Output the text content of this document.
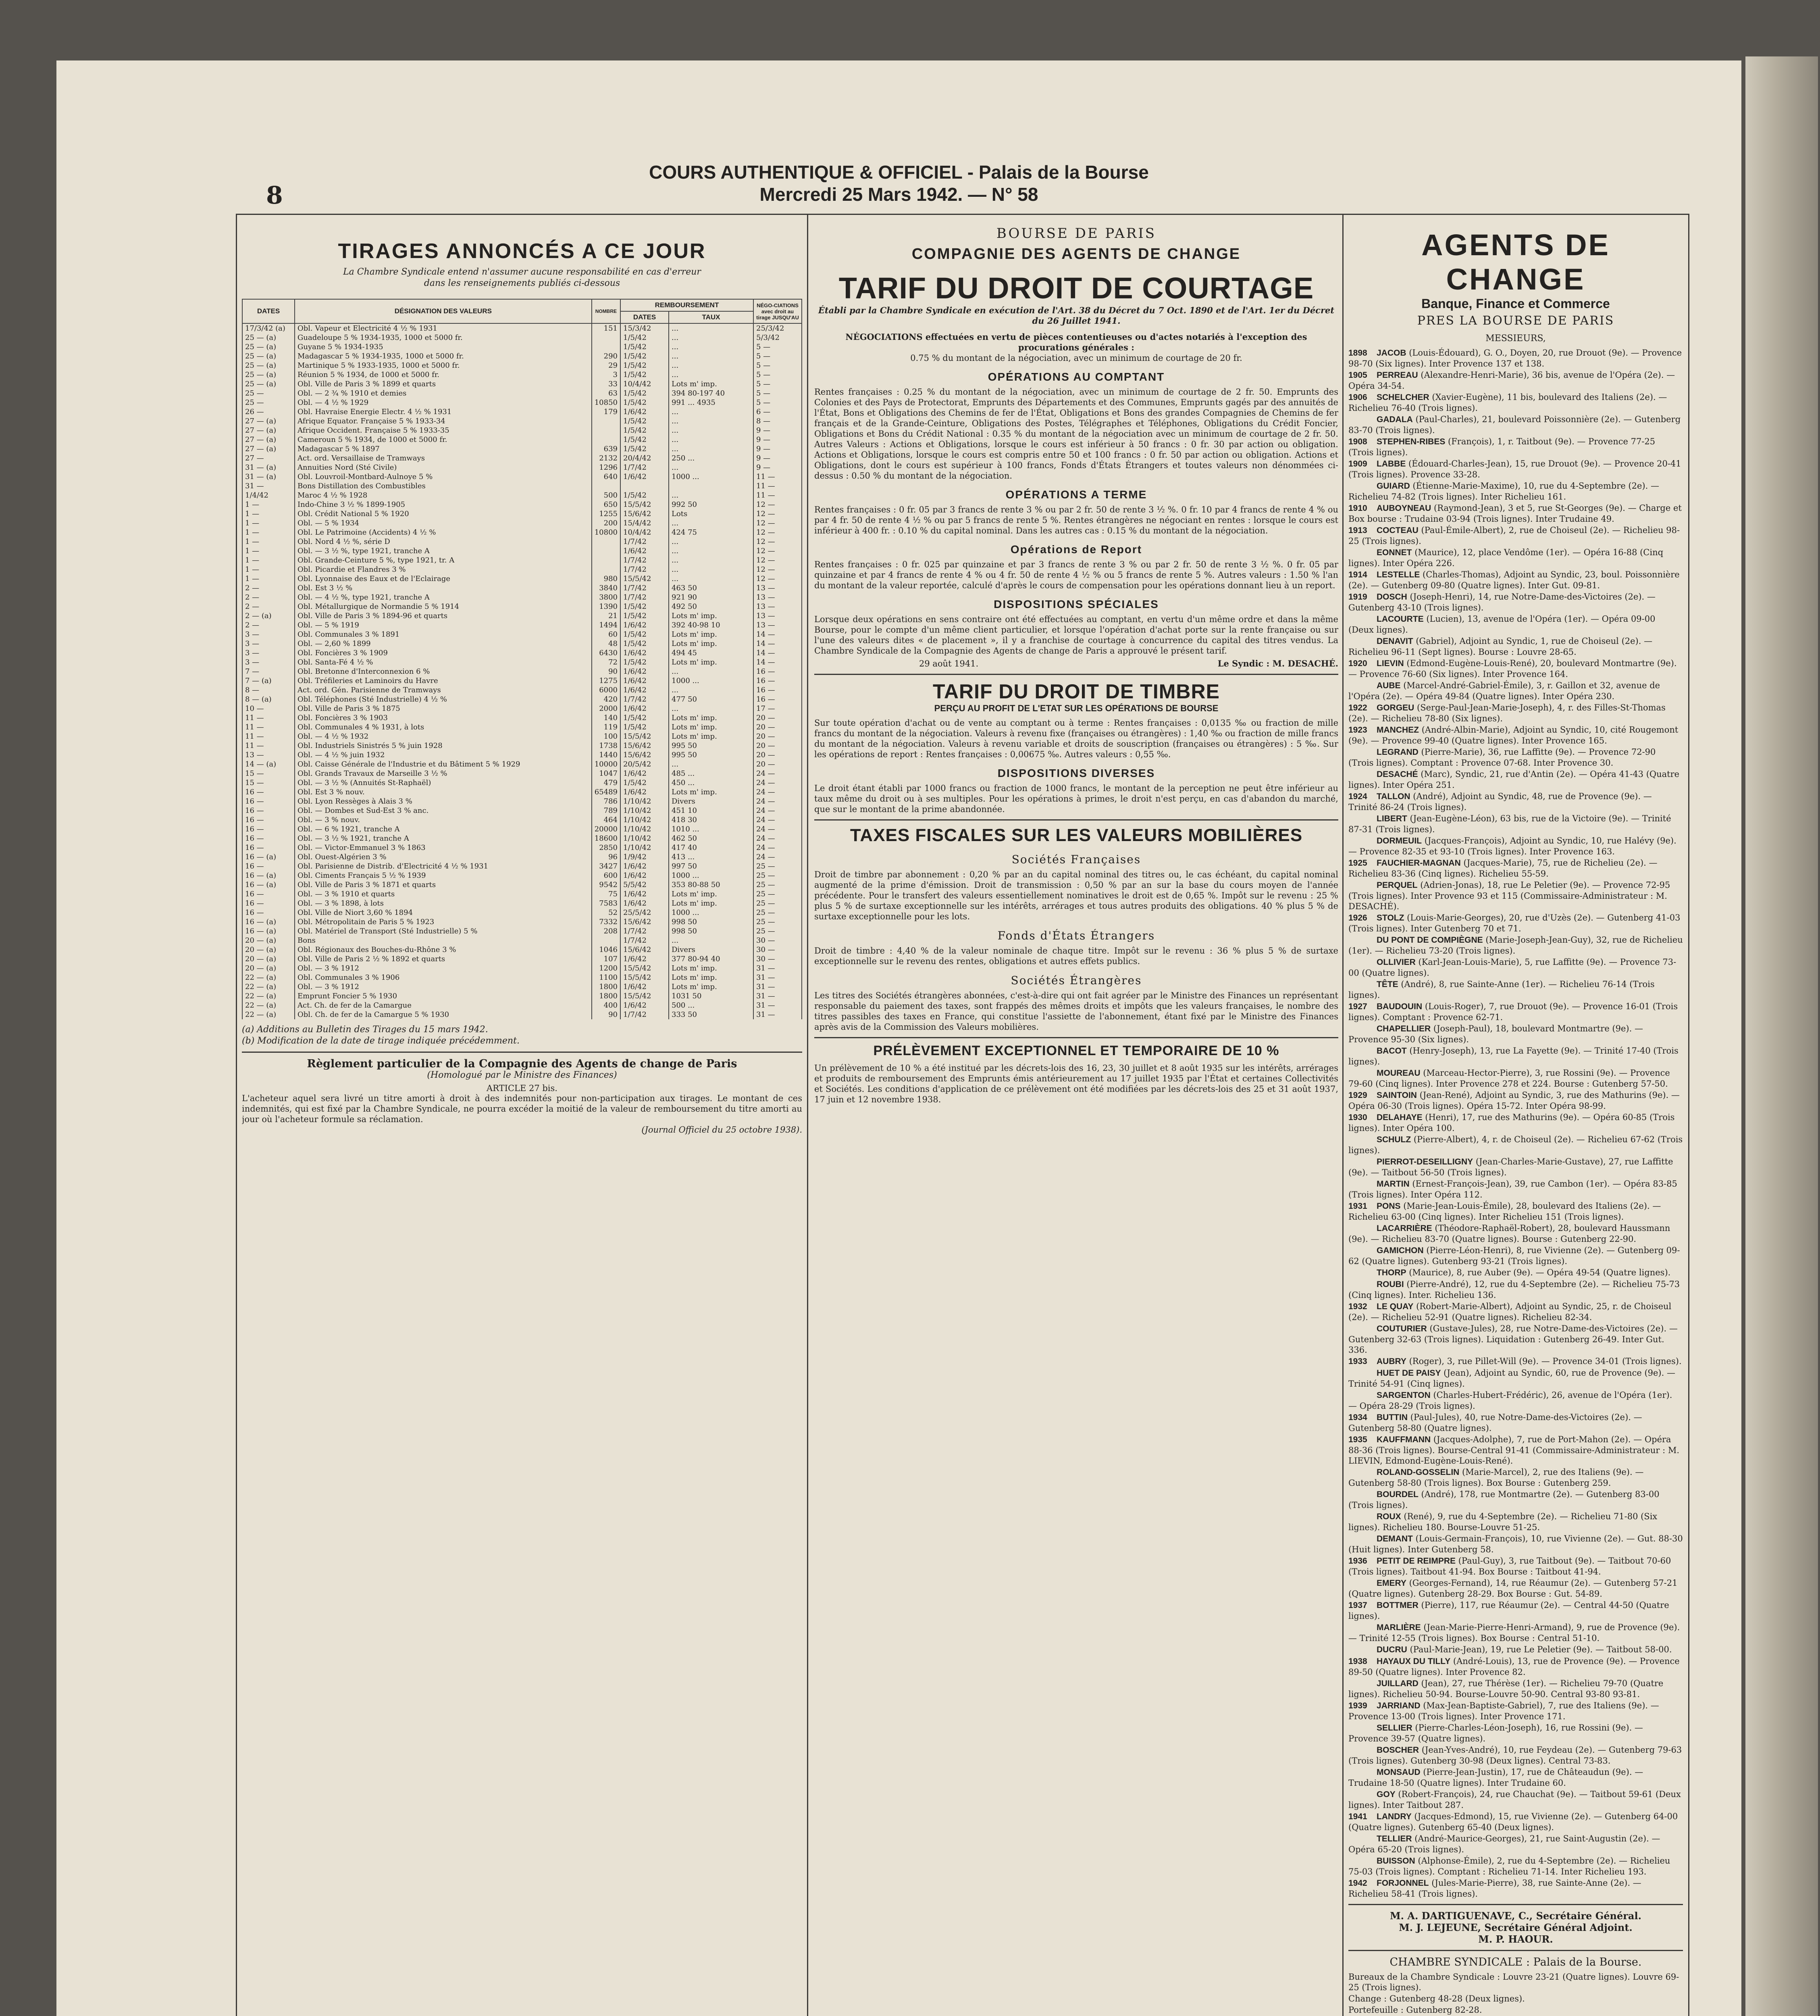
8
COURS AUTHENTIQUE & OFFICIEL - Palais de la Bourse
Mercredi 25 Mars 1942. — N° 58
TIRAGES ANNONCÉS A CE JOUR
La Chambre Syndicale entend n'assumer aucune responsabilité en cas d'erreur
dans les renseignements publiés ci-dessous
DATES	DÉSIGNATION DES VALEURS	NOMBRE	REMBOURSEMENT		NÉGO-CIATIONS avec droit au tirage JUSQU'AU
			DATES	TAUX	
17/3/42 (a)	Obl. Vapeur et Electricité 4 ½ % 1931	151	15/3/42	...	25/3/42
25 — (a)	Guadeloupe 5 % 1934-1935, 1000 et 5000 fr.		1/5/42	...	5/3/42
25 — (a)	Guyane 5 % 1934-1935		1/5/42	...	5 —
25 — (a)	Madagascar 5 % 1934-1935, 1000 et 5000 fr.	290	1/5/42	...	5 —
25 — (a)	Martinique 5 % 1933-1935, 1000 et 5000 fr.	29	1/5/42	...	5 —
25 — (a)	Réunion 5 % 1934, de 1000 et 5000 fr.	3	1/5/42	...	5 —
25 — (a)	Obl. Ville de Paris 3 % 1899 et quarts	33	10/4/42	Lots m' imp.	5 —
25 —	Obl. — 2 ¾ % 1910 et demies	63	1/5/42	394 80-197 40	5 —
25 —	Obl. — 4 ½ % 1929	10850	1/5/42	991 ... 4935	5 —
26 —	Obl. Havraise Energie Electr. 4 ½ % 1931	179	1/6/42	...	6 —
27 — (a)	Afrique Equator. Française 5 % 1933-34		1/5/42	...	8 —
27 — (a)	Afrique Occident. Française 5 % 1933-35		1/5/42	...	9 —
27 — (a)	Cameroun 5 % 1934, de 1000 et 5000 fr.		1/5/42	...	9 —
27 — (a)	Madagascar 5 % 1897	639	1/5/42	...	9 —
27 —	Act. ord. Versaillaise de Tramways	2132	20/4/42	250 ...	9 —
31 — (a)	Annuities Nord (Sté Civile)	1296	1/7/42	...	9 —
31 — (a)	Obl. Louvroil-Montbard-Aulnoye 5 %	640	1/6/42	1000 ...	11 —
31 —	Bons Distillation des Combustibles				11 —
1/4/42	Maroc 4 ½ % 1928	500	1/5/42	...	11 —
1 —	Indo-Chine 3 ½ % 1899-1905	650	15/5/42	992 50	12 —
1 —	Obl. Crédit National 5 % 1920	1255	15/6/42	Lots	12 —
1 —	Obl. — 5 % 1934	200	15/4/42	...	12 —
1 —	Obl. Le Patrimoine (Accidents) 4 ½ %	10800	10/4/42	424 75	12 —
1 —	Obl. Nord 4 ½ %, série D		1/7/42	...	12 —
1 —	Obl. — 3 ½ %, type 1921, tranche A		1/6/42	...	12 —
1 —	Obl. Grande-Ceinture 5 %, type 1921, tr. A		1/7/42	...	12 —
1 —	Obl. Picardie et Flandres 3 %		1/7/42	...	12 —
1 —	Obl. Lyonnaise des Eaux et de l'Eclairage	980	15/5/42	...	12 —
2 —	Obl. Est 3 ½ %	3840	1/7/42	463 50	13 —
2 —	Obl. — 4 ½ %, type 1921, tranche A	3800	1/7/42	921 90	13 —
2 —	Obl. Métallurgique de Normandie 5 % 1914	1390	1/5/42	492 50	13 —
2 — (a)	Obl. Ville de Paris 3 % 1894-96 et quarts	21	1/5/42	Lots m' imp.	13 —
2 —	Obl. — 5 % 1919	1494	1/6/42	392 40-98 10	13 —
3 —	Obl. Communales 3 % 1891	60	1/5/42	Lots m' imp.	14 —
3 —	Obl. — 2,60 % 1899	48	1/5/42	Lots m' imp.	14 —
3 —	Obl. Foncières 3 % 1909	6430	1/6/42	494 45	14 —
3 —	Obl. Santa-Fé 4 ½ %	72	1/5/42	Lots m' imp.	14 —
7 —	Obl. Bretonne d'Interconnexion 6 %	90	1/6/42	...	16 —
7 — (a)	Obl. Tréfileries et Laminoirs du Havre	1275	1/6/42	1000 ...	16 —
8 —	Act. ord. Gén. Parisienne de Tramways	6000	1/6/42	...	16 —
8 — (a)	Obl. Téléphones (Sté Industrielle) 4 ½ %	420	1/7/42	477 50	16 —
10 —	Obl. Ville de Paris 3 % 1875	2000	1/6/42	...	17 —
11 —	Obl. Foncières 3 % 1903	140	1/5/42	Lots m' imp.	20 —
11 —	Obl. Communales 4 % 1931, à lots	119	1/5/42	Lots m' imp.	20 —
11 —	Obl. — 4 ½ % 1932	100	15/5/42	Lots m' imp.	20 —
11 —	Obl. Industriels Sinistrés 5 % juin 1928	1738	15/6/42	995 50	20 —
13 —	Obl. — 4 ½ % juin 1932	1440	15/6/42	995 50	20 —
14 — (a)	Obl. Caisse Générale de l'Industrie et du Bâtiment 5 % 1929	10000	20/5/42	...	20 —
15 —	Obl. Grands Travaux de Marseille 3 ½ %	1047	1/6/42	485 ...	24 —
15 —	Obl. — 3 ½ % (Annuités St-Raphaël)	479	1/5/42	450 ...	24 —
16 —	Obl. Est 3 % nouv.	65489	1/6/42	Lots m' imp.	24 —
16 —	Obl. Lyon Ressèges à Alais 3 %	786	1/10/42	Divers	24 —
16 —	Obl. — Dombes et Sud-Est 3 % anc.	789	1/10/42	451 10	24 —
16 —	Obl. — 3 % nouv.	464	1/10/42	418 30	24 —
16 —	Obl. — 6 % 1921, tranche A	20000	1/10/42	1010 ...	24 —
16 —	Obl. — 3 ½ % 1921, tranche A	18600	1/10/42	462 50	24 —
16 —	Obl. — Victor-Emmanuel 3 % 1863	2850	1/10/42	417 40	24 —
16 — (a)	Obl. Ouest-Algérien 3 %	96	1/9/42	413 ...	24 —
16 —	Obl. Parisienne de Distrib. d'Electricité 4 ½ % 1931	3427	1/6/42	997 50	25 —
16 — (a)	Obl. Ciments Français 5 ½ % 1939	600	1/6/42	1000 ...	25 —
16 — (a)	Obl. Ville de Paris 3 % 1871 et quarts	9542	5/5/42	353 80-88 50	25 —
16 —	Obl. — 3 % 1910 et quarts	75	1/6/42	Lots m' imp.	25 —
16 —	Obl. — 3 % 1898, à lots	7583	1/6/42	Lots m' imp.	25 —
16 —	Obl. Ville de Niort 3,60 % 1894	52	25/5/42	1000 ...	25 —
16 — (a)	Obl. Métropolitain de Paris 5 % 1923	7332	15/6/42	998 50	25 —
16 — (a)	Obl. Matériel de Transport (Sté Industrielle) 5 %	208	1/7/42	998 50	25 —
20 — (a)	Bons		1/7/42	...	30 —
20 — (a)	Obl. Régionaux des Bouches-du-Rhône 3 %	1046	15/6/42	Divers	30 —
20 — (a)	Obl. Ville de Paris 2 ½ % 1892 et quarts	107	1/6/42	377 80-94 40	30 —
20 — (a)	Obl. — 3 % 1912	1200	15/5/42	Lots m' imp.	31 —
22 — (a)	Obl. Communales 3 % 1906	1100	15/5/42	Lots m' imp.	31 —
22 — (a)	Obl. — 3 % 1912	1800	1/6/42	Lots m' imp.	31 —
22 — (a)	Emprunt Foncier 5 % 1930	1800	15/5/42	1031 50	31 —
22 — (a)	Act. Ch. de fer de la Camargue	400	1/6/42	500 ...	31 —
22 — (a)	Obl. Ch. de fer de la Camargue 5 % 1930	90	1/7/42	333 50	31 —
(a) Additions au Bulletin des Tirages du 15 mars 1942.
(b) Modification de la date de tirage indiquée précédemment.
Règlement particulier de la Compagnie des Agents de change de Paris
(Homologué par le Ministre des Finances)
ARTICLE 27 bis.
L'acheteur aquel sera livré un titre amorti à droit à des indemnités pour non-participation aux tirages. Le montant de ces indemnités, qui est fixé par la Chambre Syndicale, ne pourra excéder la moitié de la valeur de remboursement du titre amorti au jour où l'acheteur formule sa réclamation.
(Journal Officiel du 25 octobre 1938).
BOURSE DE PARIS
COMPAGNIE DES AGENTS DE CHANGE
TARIF DU DROIT DE COURTAGE
Établi par la Chambre Syndicale en exécution de l'Art. 38 du Décret du 7 Oct. 1890 et de l'Art. 1er du Décret du 26 Juillet 1941.
NÉGOCIATIONS effectuées en vertu de pièces contentieuses ou d'actes notariés à l'exception des procurations générales :
0.75 % du montant de la négociation, avec un minimum de courtage de 20 fr.
OPÉRATIONS AU COMPTANT
Rentes françaises : 0.25 % du montant de la négociation, avec un minimum de courtage de 2 fr. 50. Emprunts des Colonies et des Pays de Protectorat, Emprunts des Départements et des Communes, Emprunts gagés par des annuités de l'État, Bons et Obligations des Chemins de fer de l'État, Obligations et Bons des grandes Compagnies de Chemins de fer français et de la Grande-Ceinture, Obligations des Postes, Télégraphes et Téléphones, Obligations du Crédit Foncier, Obligations et Bons du Crédit National : 0.35 % du montant de la négociation avec un minimum de courtage de 2 fr. 50. Autres Valeurs : Actions et Obligations, lorsque le cours est inférieur à 50 francs : 0 fr. 30 par action ou obligation. Actions et Obligations, lorsque le cours est compris entre 50 et 100 francs : 0 fr. 50 par action ou obligation. Actions et Obligations, dont le cours est supérieur à 100 francs, Fonds d'États Étrangers et toutes valeurs non dénommées ci-dessus : 0.50 % du montant de la négociation.
OPÉRATIONS A TERME
Rentes françaises : 0 fr. 05 par 3 francs de rente 3 % ou par 2 fr. 50 de rente 3 ½ %. 0 fr. 10 par 4 francs de rente 4 % ou par 4 fr. 50 de rente 4 ½ % ou par 5 francs de rente 5 %. Rentes étrangères ne négociant en rentes : lorsque le cours est inférieur à 400 fr. : 0.10 % du capital nominal. Dans les autres cas : 0.15 % du montant de la négociation.
Opérations de Report
Rentes françaises : 0 fr. 025 par quinzaine et par 3 francs de rente 3 % ou par 2 fr. 50 de rente 3 ½ %. 0 fr. 05 par quinzaine et par 4 francs de rente 4 % ou 4 fr. 50 de rente 4 ½ % ou 5 francs de rente 5 %. Autres valeurs : 1.50 % l'an du montant de la valeur reportée, calculé d'après le cours de compensation pour les opérations donnant lieu à un report.
DISPOSITIONS SPÉCIALES
Lorsque deux opérations en sens contraire ont été effectuées au comptant, en vertu d'un même ordre et dans la même Bourse, pour le compte d'un même client particulier, et lorsque l'opération d'achat porte sur la rente française ou sur l'une des valeurs dites « de placement », il y a franchise de courtage à concurrence du capital des titres vendus. La Chambre Syndicale de la Compagnie des Agents de change de Paris a approuvé le présent tarif.
29 août 1941.	Le Syndic : M. DESACHÉ.
TARIF DU DROIT DE TIMBRE
PERÇU AU PROFIT DE L'ETAT SUR LES OPÉRATIONS DE BOURSE
Sur toute opération d'achat ou de vente au comptant ou à terme : Rentes françaises : 0,0135 ‰ ou fraction de mille francs du montant de la négociation. Valeurs à revenu fixe (françaises ou étrangères) : 1,40 ‰ ou fraction de mille francs du montant de la négociation. Valeurs à revenu variable et droits de souscription (françaises ou étrangères) : 5 ‰. Sur les opérations de report : Rentes françaises : 0,00675 ‰. Autres valeurs : 0,55 ‰.
DISPOSITIONS DIVERSES
Le droit étant établi par 1000 francs ou fraction de 1000 francs, le montant de la perception ne peut être inférieur au taux même du droit ou à ses multiples. Pour les opérations à primes, le droit n'est perçu, en cas d'abandon du marché, que sur le montant de la prime abandonnée.
TAXES FISCALES SUR LES VALEURS MOBILIÈRES
Sociétés Françaises
Droit de timbre par abonnement : 0,20 % par an du capital nominal des titres ou, le cas échéant, du capital nominal augmenté de la prime d'émission. Droit de transmission : 0,50 % par an sur la base du cours moyen de l'année précédente. Pour le transfert des valeurs essentiellement nominatives le droit est de 0,65 %. Impôt sur le revenu : 25 % plus 5 % de surtaxe exceptionnelle sur les intérêts, arrérages et tous autres produits des obligations. 40 % plus 5 % de surtaxe exceptionnelle pour les lots.
Fonds d'États Étrangers
Droit de timbre : 4,40 % de la valeur nominale de chaque titre. Impôt sur le revenu : 36 % plus 5 % de surtaxe exceptionnelle sur le revenu des rentes, obligations et autres effets publics.
Sociétés Étrangères
Les titres des Sociétés étrangères abonnées, c'est-à-dire qui ont fait agréer par le Ministre des Finances un représentant responsable du paiement des taxes, sont frappés des mêmes droits et impôts que les valeurs françaises, le nombre des titres passibles des taxes en France, qui constitue l'assiette de l'abonnement, étant fixé par le Ministre des Finances après avis de la Commission des Valeurs mobilières.
PRÉLÈVEMENT EXCEPTIONNEL ET TEMPORAIRE DE 10 %
Un prélèvement de 10 % a été institué par les décrets-lois des 16, 23, 30 juillet et 8 août 1935 sur les intérêts, arrérages et produits de remboursement des Emprunts émis antérieurement au 17 juillet 1935 par l'État et certaines Collectivités et Sociétés. Les conditions d'application de ce prélèvement ont été modifiées par les décrets-lois des 25 et 31 août 1937, 17 juin et 12 novembre 1938.
AGENTS DE CHANGE
Banque, Finance et Commerce
PRES LA BOURSE DE PARIS
MESSIEURS,
1898 JACOB (Louis-Édouard), G. O., Doyen, 20, rue Drouot (9e). — Provence 98-70 (Six lignes). Inter Provence 137 et 138.
1905 PERREAU (Alexandre-Henri-Marie), 36 bis, avenue de l'Opéra (2e). — Opéra 34-54.
1906 SCHELCHER (Xavier-Eugène), 11 bis, boulevard des Italiens (2e). — Richelieu 76-40 (Trois lignes).
GADALA (Paul-Charles), 21, boulevard Poissonnière (2e). — Gutenberg 83-70 (Trois lignes).
1908 STEPHEN-RIBES (François), 1, r. Taitbout (9e). — Provence 77-25 (Trois lignes).
1909 LABBE (Édouard-Charles-Jean), 15, rue Drouot (9e). — Provence 20-41 (Trois lignes). Provence 33-28.
GUIARD (Étienne-Marie-Maxime), 10, rue du 4-Septembre (2e). — Richelieu 74-82 (Trois lignes). Inter Richelieu 161.
1910 AUBOYNEAU (Raymond-Jean), 3 et 5, rue St-Georges (9e). — Charge et Box bourse : Trudaine 03-94 (Trois lignes). Inter Trudaine 49.
1913 COCTEAU (Paul-Émile-Albert), 2, rue de Choiseul (2e). — Richelieu 98-25 (Trois lignes).
EONNET (Maurice), 12, place Vendôme (1er). — Opéra 16-88 (Cinq lignes). Inter Opéra 226.
1914 LESTELLE (Charles-Thomas), Adjoint au Syndic, 23, boul. Poissonnière (2e). — Gutenberg 09-80 (Quatre lignes). Inter Gut. 09-81.
1919 DOSCH (Joseph-Henri), 14, rue Notre-Dame-des-Victoires (2e). — Gutenberg 43-10 (Trois lignes).
LACOURTE (Lucien), 13, avenue de l'Opéra (1er). — Opéra 09-00 (Deux lignes).
DENAVIT (Gabriel), Adjoint au Syndic, 1, rue de Choiseul (2e). — Richelieu 96-11 (Sept lignes). Bourse : Louvre 28-65.
1920 LIEVIN (Edmond-Eugène-Louis-René), 20, boulevard Montmartre (9e). — Provence 76-60 (Six lignes). Inter Provence 164.
AUBE (Marcel-André-Gabriel-Émile), 3, r. Gaillon et 32, avenue de l'Opéra (2e). — Opéra 49-84 (Quatre lignes). Inter Opéra 230.
1922 GORGEU (Serge-Paul-Jean-Marie-Joseph), 4, r. des Filles-St-Thomas (2e). — Richelieu 78-80 (Six lignes).
1923 MANCHEZ (André-Albin-Marie), Adjoint au Syndic, 10, cité Rougemont (9e). — Provence 99-40 (Quatre lignes). Inter Provence 165.
LEGRAND (Pierre-Marie), 36, rue Laffitte (9e). — Provence 72-90 (Trois lignes). Comptant : Provence 07-68. Inter Provence 30.
DESACHÉ (Marc), Syndic, 21, rue d'Antin (2e). — Opéra 41-43 (Quatre lignes). Inter Opéra 251.
1924 TALLON (André), Adjoint au Syndic, 48, rue de Provence (9e). — Trinité 86-24 (Trois lignes).
LIBERT (Jean-Eugène-Léon), 63 bis, rue de la Victoire (9e). — Trinité 87-31 (Trois lignes).
DORMEUIL (Jacques-François), Adjoint au Syndic, 10, rue Halévy (9e). — Provence 82-35 et 93-10 (Trois lignes). Inter Provence 163.
1925 FAUCHIER-MAGNAN (Jacques-Marie), 75, rue de Richelieu (2e). — Richelieu 83-36 (Cinq lignes). Richelieu 55-59.
PERQUEL (Adrien-Jonas), 18, rue Le Peletier (9e). — Provence 72-95 (Trois lignes). Inter Provence 93 et 115 (Commissaire-Administrateur : M. DESACHÉ).
1926 STOLZ (Louis-Marie-Georges), 20, rue d'Uzès (2e). — Gutenberg 41-03 (Trois lignes). Inter Gutenberg 70 et 71.
DU PONT DE COMPIÈGNE (Marie-Joseph-Jean-Guy), 32, rue de Richelieu (1er). — Richelieu 73-20 (Trois lignes).
OLLIVIER (Karl-Jean-Louis-Marie), 5, rue Laffitte (9e). — Provence 73-00 (Quatre lignes).
TÊTE (André), 8, rue Sainte-Anne (1er). — Richelieu 76-14 (Trois lignes).
1927 BAUDOUIN (Louis-Roger), 7, rue Drouot (9e). — Provence 16-01 (Trois lignes). Comptant : Provence 62-71.
CHAPELLIER (Joseph-Paul), 18, boulevard Montmartre (9e). — Provence 95-30 (Six lignes).
BACOT (Henry-Joseph), 13, rue La Fayette (9e). — Trinité 17-40 (Trois lignes).
MOUREAU (Marceau-Hector-Pierre), 3, rue Rossini (9e). — Provence 79-60 (Cinq lignes). Inter Provence 278 et 224. Bourse : Gutenberg 57-50.
1929 SAINTOIN (Jean-René), Adjoint au Syndic, 3, rue des Mathurins (9e). — Opéra 06-30 (Trois lignes). Opéra 15-72. Inter Opéra 98-99.
1930 DELAHAYE (Henri), 17, rue des Mathurins (9e). — Opéra 60-85 (Trois lignes). Inter Opéra 100.
SCHULZ (Pierre-Albert), 4, r. de Choiseul (2e). — Richelieu 67-62 (Trois lignes).
PIERROT-DESEILLIGNY (Jean-Charles-Marie-Gustave), 27, rue Laffitte (9e). — Taitbout 56-50 (Trois lignes).
MARTIN (Ernest-François-Jean), 39, rue Cambon (1er). — Opéra 83-85 (Trois lignes). Inter Opéra 112.
1931 PONS (Marie-Jean-Louis-Émile), 28, boulevard des Italiens (2e). — Richelieu 63-00 (Cinq lignes). Inter Richelieu 151 (Trois lignes).
LACARRIÈRE (Théodore-Raphaël-Robert), 28, boulevard Haussmann (9e). — Richelieu 83-70 (Quatre lignes). Bourse : Gutenberg 22-90.
GAMICHON (Pierre-Léon-Henri), 8, rue Vivienne (2e). — Gutenberg 09-62 (Quatre lignes). Gutenberg 93-21 (Trois lignes).
THORP (Maurice), 8, rue Auber (9e). — Opéra 49-54 (Quatre lignes).
ROUBI (Pierre-André), 12, rue du 4-Septembre (2e). — Richelieu 75-73 (Cinq lignes). Inter. Richelieu 136.
1932 LE QUAY (Robert-Marie-Albert), Adjoint au Syndic, 25, r. de Choiseul (2e). — Richelieu 52-91 (Quatre lignes). Richelieu 82-34.
COUTURIER (Gustave-Jules), 28, rue Notre-Dame-des-Victoires (2e). — Gutenberg 32-63 (Trois lignes). Liquidation : Gutenberg 26-49. Inter Gut. 336.
1933 AUBRY (Roger), 3, rue Pillet-Will (9e). — Provence 34-01 (Trois lignes).
HUET DE PAISY (Jean), Adjoint au Syndic, 60, rue de Provence (9e). — Trinité 54-91 (Cinq lignes).
SARGENTON (Charles-Hubert-Frédéric), 26, avenue de l'Opéra (1er). — Opéra 28-29 (Trois lignes).
1934 BUTTIN (Paul-Jules), 40, rue Notre-Dame-des-Victoires (2e). — Gutenberg 58-80 (Quatre lignes).
1935 KAUFFMANN (Jacques-Adolphe), 7, rue de Port-Mahon (2e). — Opéra 88-36 (Trois lignes). Bourse-Central 91-41 (Commissaire-Administrateur : M. LIEVIN, Edmond-Eugène-Louis-René).
ROLAND-GOSSELIN (Marie-Marcel), 2, rue des Italiens (9e). — Gutenberg 58-80 (Trois lignes). Box Bourse : Gutenberg 259.
BOURDEL (André), 178, rue Montmartre (2e). — Gutenberg 83-00 (Trois lignes).
ROUX (René), 9, rue du 4-Septembre (2e). — Richelieu 71-80 (Six lignes). Richelieu 180. Bourse-Louvre 51-25.
DEMANT (Louis-Germain-François), 10, rue Vivienne (2e). — Gut. 88-30 (Huit lignes). Inter Gutenberg 58.
1936 PETIT DE REIMPRE (Paul-Guy), 3, rue Taitbout (9e). — Taitbout 70-60 (Trois lignes). Taitbout 41-94. Box Bourse : Taitbout 41-94.
EMERY (Georges-Fernand), 14, rue Réaumur (2e). — Gutenberg 57-21 (Quatre lignes). Gutenberg 28-29. Box Bourse : Gut. 54-89.
1937 BOTTMER (Pierre), 117, rue Réaumur (2e). — Central 44-50 (Quatre lignes).
MARLIÈRE (Jean-Marie-Pierre-Henri-Armand), 9, rue de Provence (9e). — Trinité 12-55 (Trois lignes). Box Bourse : Central 51-10.
DUCRU (Paul-Marie-Jean), 19, rue Le Peletier (9e). — Taitbout 58-00.
1938 HAYAUX DU TILLY (André-Louis), 13, rue de Provence (9e). — Provence 89-50 (Quatre lignes). Inter Provence 82.
JUILLARD (Jean), 27, rue Thérèse (1er). — Richelieu 79-70 (Quatre lignes). Richelieu 50-94. Bourse-Louvre 50-90. Central 93-80 93-81.
1939 JARRIAND (Max-Jean-Baptiste-Gabriel), 7, rue des Italiens (9e). — Provence 13-00 (Trois lignes). Inter Provence 171.
SELLIER (Pierre-Charles-Léon-Joseph), 16, rue Rossini (9e). — Provence 39-57 (Quatre lignes).
BOSCHER (Jean-Yves-André), 10, rue Feydeau (2e). — Gutenberg 79-63 (Trois lignes). Gutenberg 30-98 (Deux lignes). Central 73-83.
MONSAUD (Pierre-Jean-Justin), 17, rue de Châteaudun (9e). — Trudaine 18-50 (Quatre lignes). Inter Trudaine 60.
GOY (Robert-François), 24, rue Chauchat (9e). — Taitbout 59-61 (Deux lignes). Inter Taitbout 287.
1941 LANDRY (Jacques-Edmond), 15, rue Vivienne (2e). — Gutenberg 64-00 (Quatre lignes). Gutenberg 65-40 (Deux lignes).
TELLIER (André-Maurice-Georges), 21, rue Saint-Augustin (2e). — Opéra 65-20 (Trois lignes).
BUISSON (Alphonse-Émile), 2, rue du 4-Septembre (2e). — Richelieu 75-03 (Trois lignes). Comptant : Richelieu 71-14. Inter Richelieu 193.
1942 FORJONNEL (Jules-Marie-Pierre), 38, rue Sainte-Anne (2e). — Richelieu 58-41 (Trois lignes).
M. A. DARTIGUENAVE, C., Secrétaire Général.
M. J. LEJEUNE, Secrétaire Général Adjoint.
M. P. HAOUR.
CHAMBRE SYNDICALE : Palais de la Bourse.
Bureaux de la Chambre Syndicale : Louvre 23-21 (Quatre lignes). Louvre 69-25 (Trois lignes).
Change : Gutenberg 48-28 (Deux lignes).
Portefeuille : Gutenberg 82-28.
